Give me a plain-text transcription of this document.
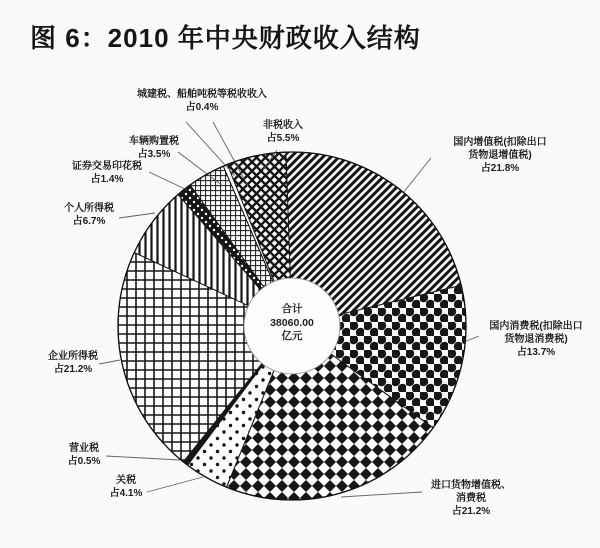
图 6：2010 年中央财政收入结构
国内增值税(扣除出口
货物退增值税)
占21.8%
国内消费税(扣除出口
货物退消费税)
占13.7%
进口货物增值税、
消费税
占21.2%
关税
占4.1%
营业税
占0.5%
企业所得税
占21.2%
个人所得税
占6.7%
证券交易印花税
占1.4%
车辆购置税
占3.5%
城建税、船舶吨税等税收收入
占0.4%
非税收入
占5.5%
合计
38060.00
亿元
